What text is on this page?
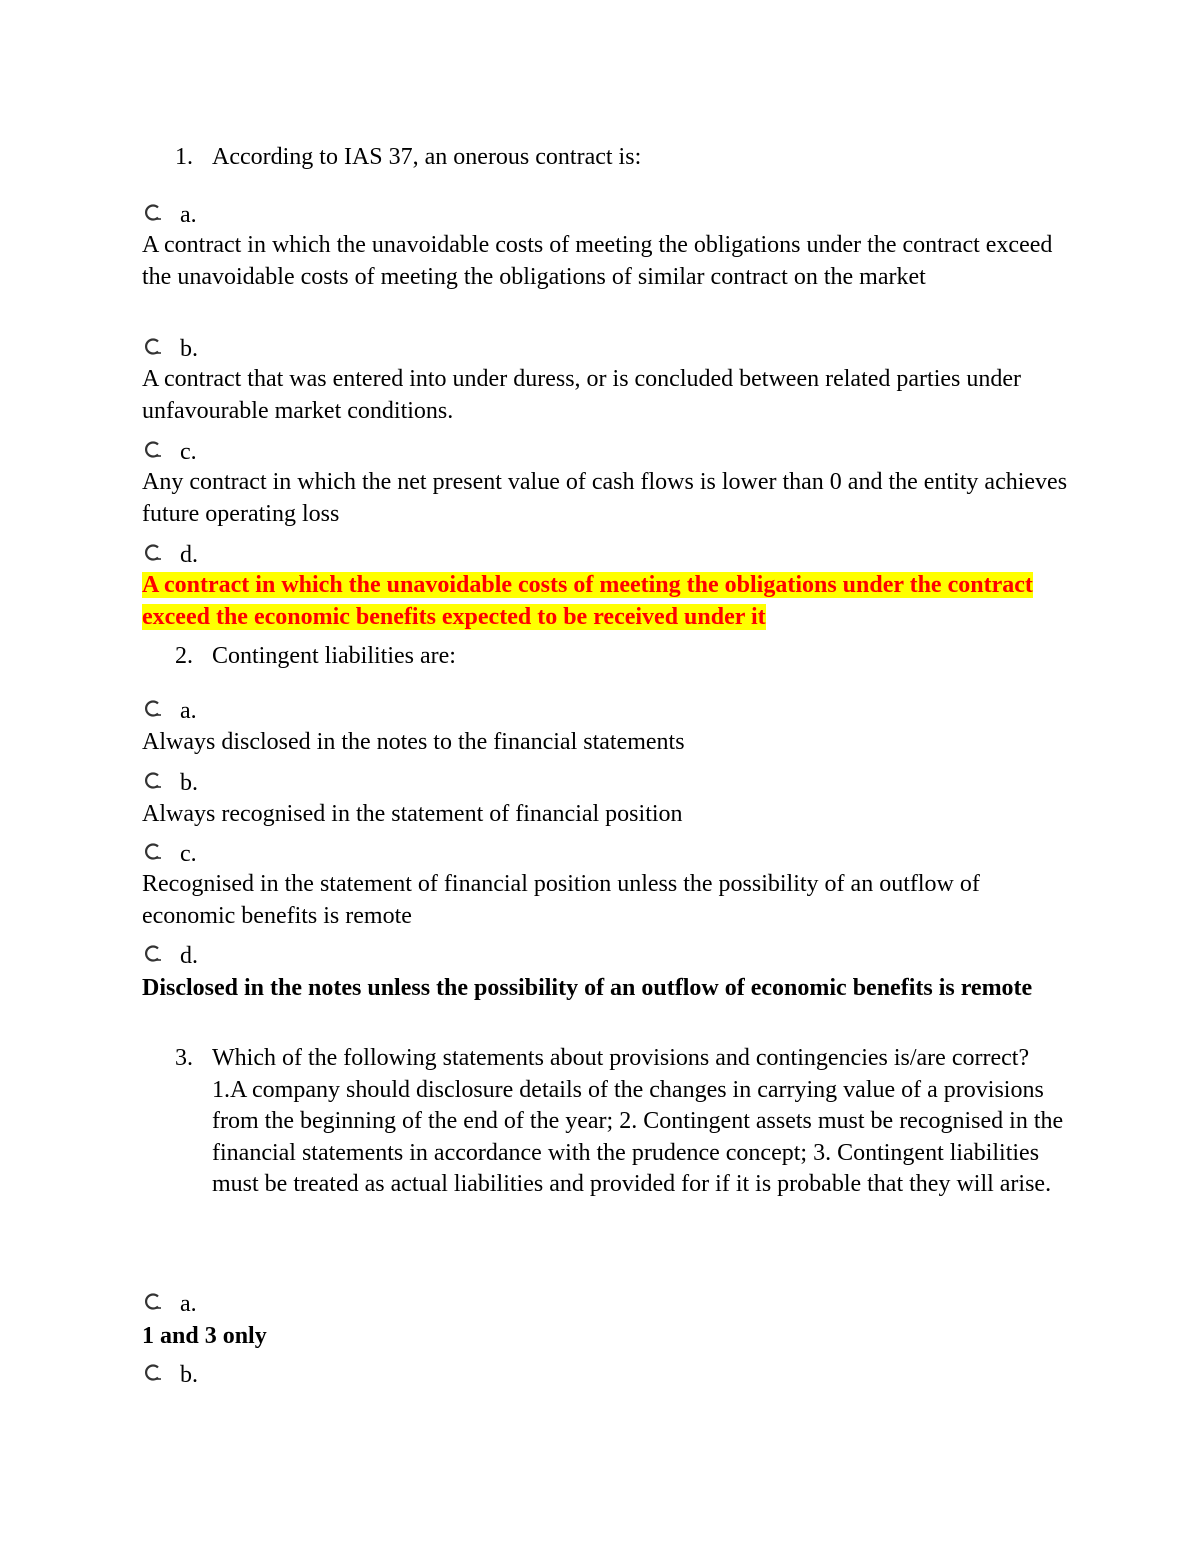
1. According to IAS 37, an onerous contract is:
a.
A contract in which the unavoidable costs of meeting the obligations under the contract exceed the unavoidable costs of meeting the obligations of similar contract on the market
b.
A contract that was entered into under duress, or is concluded between related parties under unfavourable market conditions.
c.
Any contract in which the net present value of cash flows is lower than 0 and the entity achieves future operating loss
d.
A contract in which the unavoidable costs of meeting the obligations under the contract exceed the economic benefits expected to be received under it
2. Contingent liabilities are:
a.
Always disclosed in the notes to the financial statements
b.
Always recognised in the statement of financial position
c.
Recognised in the statement of financial position unless the possibility of an outflow of economic benefits is remote
d.
Disclosed in the notes unless the possibility of an outflow of economic benefits is remote
3. Which of the following statements about provisions and contingencies is/are correct? 1.A company should disclosure details of the changes in carrying value of a provisions from the beginning of the end of the year; 2. Contingent assets must be recognised in the financial statements in accordance with the prudence concept; 3. Contingent liabilities must be treated as actual liabilities and provided for if it is probable that they will arise.
a.
1 and 3 only
b.
